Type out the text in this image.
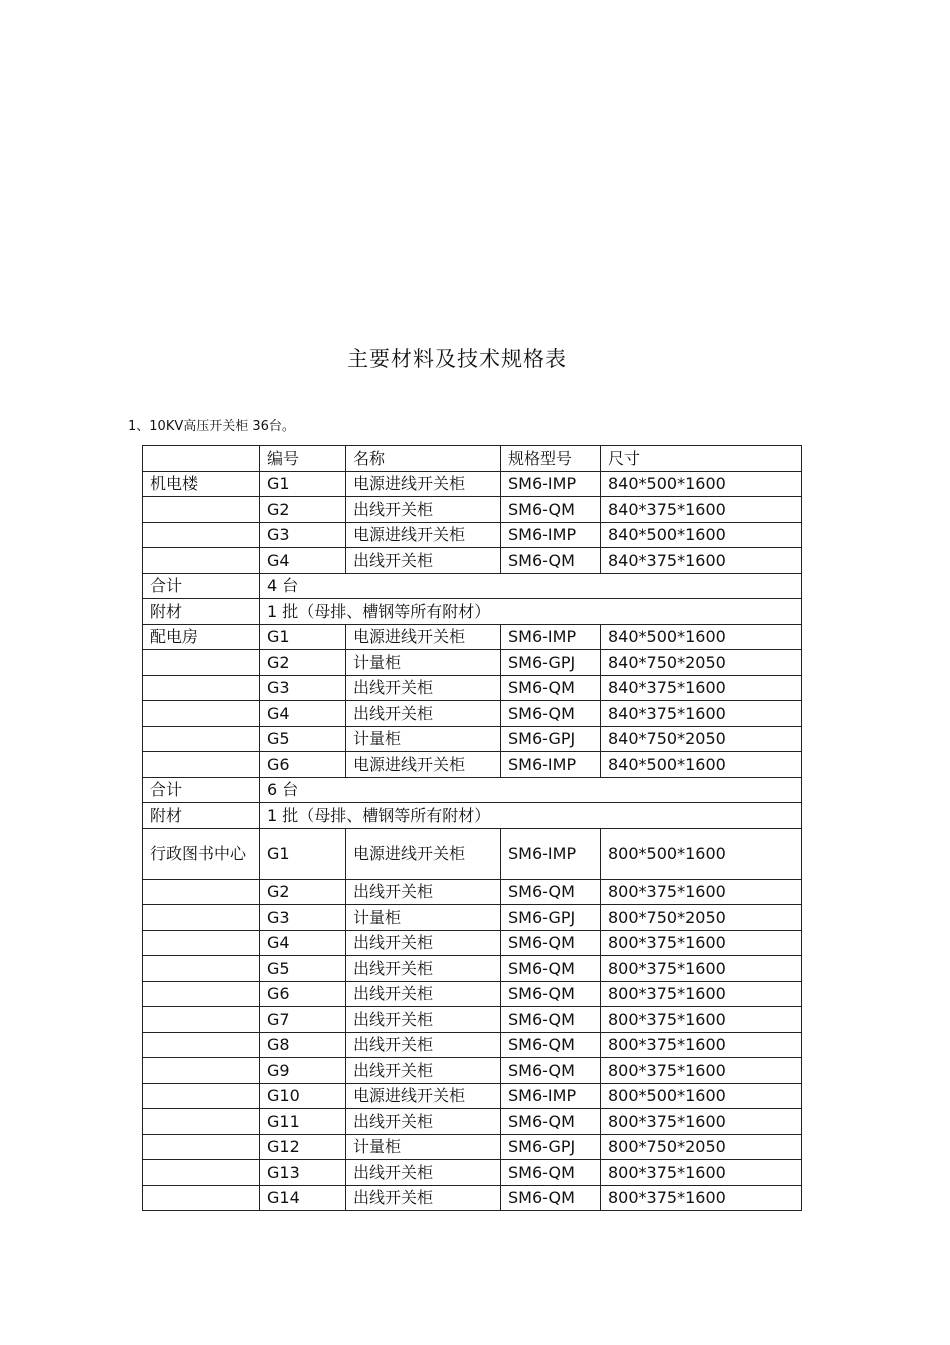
主要材料及技术规格表
1、10KV高压开关柜 36台。
	编号	名称	规格型号	尺寸
机电楼	G1	电源进线开关柜	SM6-IMP	840*500*1600
	G2	出线开关柜	SM6-QM	840*375*1600
	G3	电源进线开关柜	SM6-IMP	840*500*1600
	G4	出线开关柜	SM6-QM	840*375*1600
合计	4 台			
附材	1 批（母排、槽钢等所有附材）			
配电房	G1	电源进线开关柜	SM6-IMP	840*500*1600
	G2	计量柜	SM6-GPJ	840*750*2050
	G3	出线开关柜	SM6-QM	840*375*1600
	G4	出线开关柜	SM6-QM	840*375*1600
	G5	计量柜	SM6-GPJ	840*750*2050
	G6	电源进线开关柜	SM6-IMP	840*500*1600
合计	6 台			
附材	1 批（母排、槽钢等所有附材）			
行政图书中心	G1	电源进线开关柜	SM6-IMP	800*500*1600
	G2	出线开关柜	SM6-QM	800*375*1600
	G3	计量柜	SM6-GPJ	800*750*2050
	G4	出线开关柜	SM6-QM	800*375*1600
	G5	出线开关柜	SM6-QM	800*375*1600
	G6	出线开关柜	SM6-QM	800*375*1600
	G7	出线开关柜	SM6-QM	800*375*1600
	G8	出线开关柜	SM6-QM	800*375*1600
	G9	出线开关柜	SM6-QM	800*375*1600
	G10	电源进线开关柜	SM6-IMP	800*500*1600
	G11	出线开关柜	SM6-QM	800*375*1600
	G12	计量柜	SM6-GPJ	800*750*2050
	G13	出线开关柜	SM6-QM	800*375*1600
	G14	出线开关柜	SM6-QM	800*375*1600
